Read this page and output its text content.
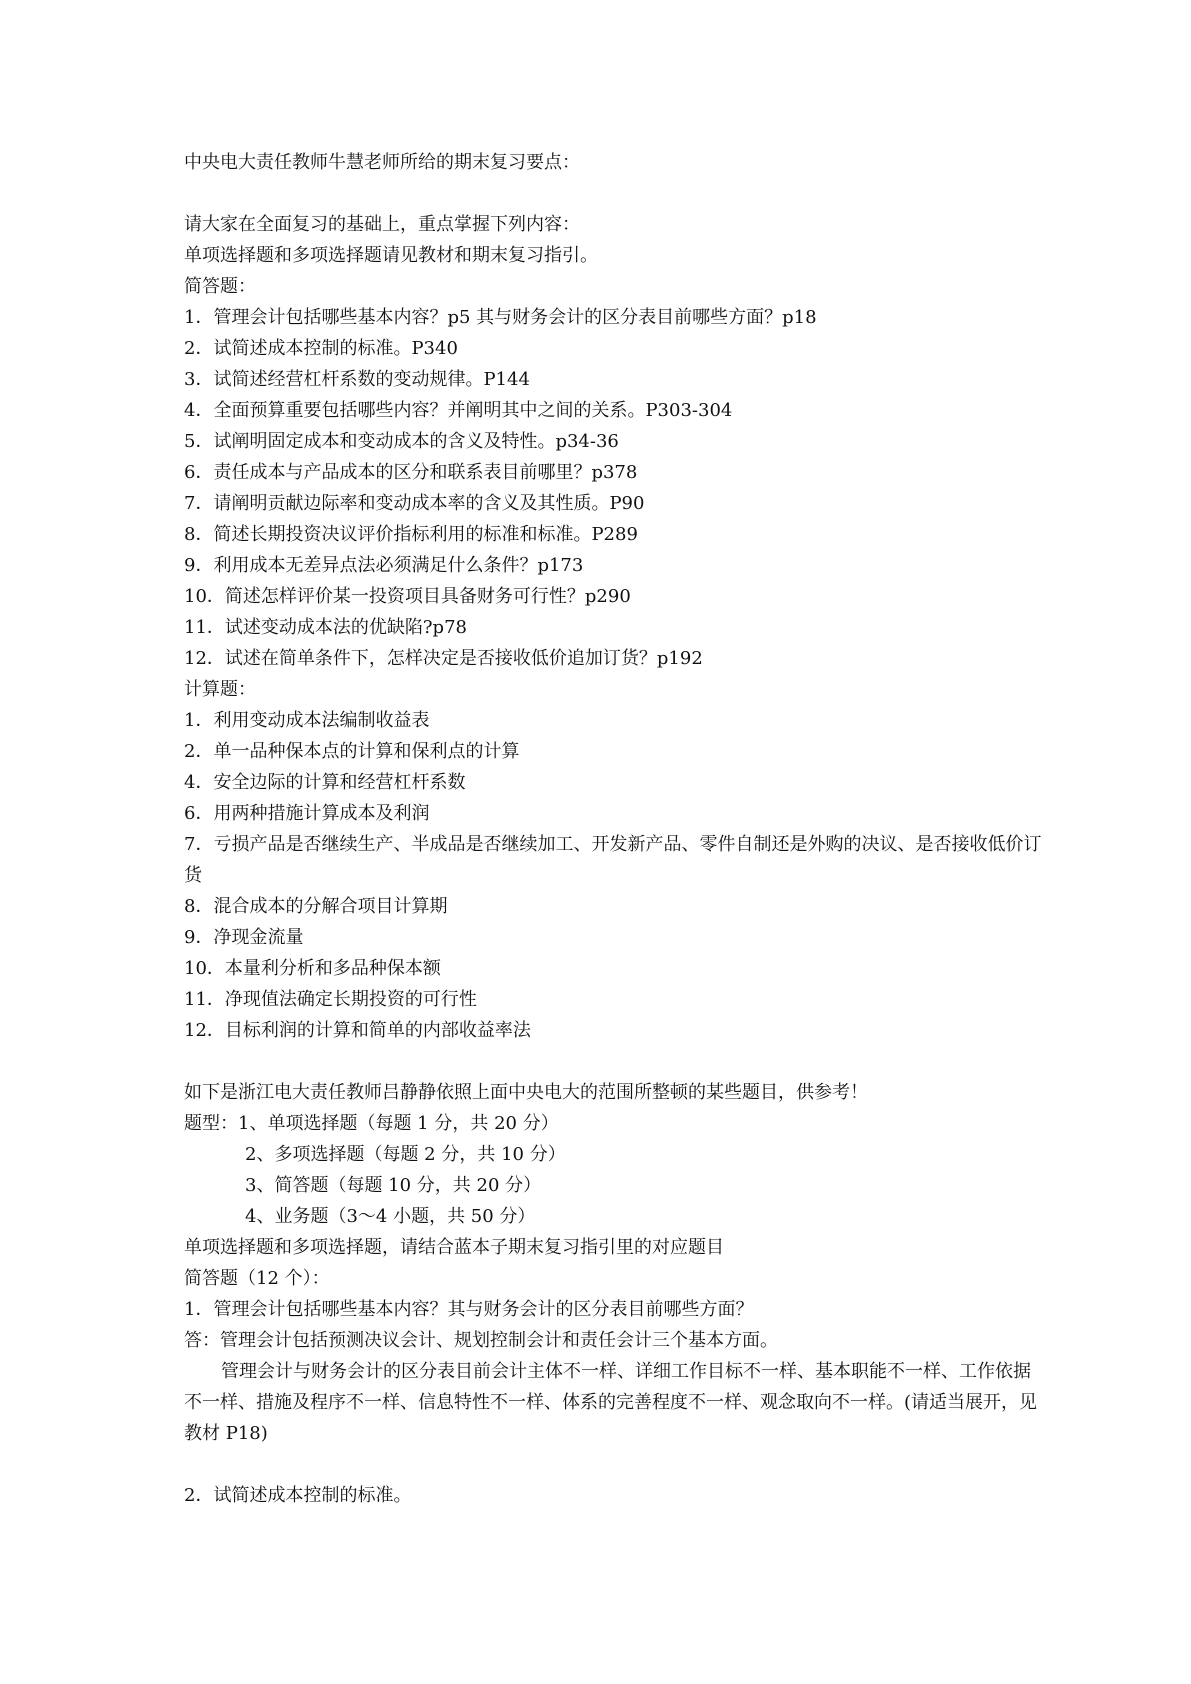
中央电大责任教师牛慧老师所给的期末复习要点：
请大家在全面复习的基础上，重点掌握下列内容：
单项选择题和多项选择题请见教材和期末复习指引。
简答题：
1．管理会计包括哪些基本内容？p5 其与财务会计的区分表目前哪些方面？p18
2．试简述成本控制的标准。P340
3．试简述经营杠杆系数的变动规律。P144
4．全面预算重要包括哪些内容？并阐明其中之间的关系。P303-304
5．试阐明固定成本和变动成本的含义及特性。p34-36
6．责任成本与产品成本的区分和联系表目前哪里？p378
7．请阐明贡献边际率和变动成本率的含义及其性质。P90
8．简述长期投资决议评价指标利用的标准和标准。P289
9．利用成本无差异点法必须满足什么条件？p173
10．简述怎样评价某一投资项目具备财务可行性？p290
11．试述变动成本法的优缺陷?p78
12．试述在简单条件下，怎样决定是否接收低价追加订货？p192
计算题：
1．利用变动成本法编制收益表
2．单一品种保本点的计算和保利点的计算
4．安全边际的计算和经营杠杆系数
6．用两种措施计算成本及利润
7．亏损产品是否继续生产、半成品是否继续加工、开发新产品、零件自制还是外购的决议、是否接收低价订货
8．混合成本的分解合项目计算期
9．净现金流量
10．本量利分析和多品种保本额
11．净现值法确定长期投资的可行性
12．目标利润的计算和简单的内部收益率法
如下是浙江电大责任教师吕静静依照上面中央电大的范围所整顿的某些题目，供参考！
题型：1、单项选择题（每题 1 分，共 20 分）
2、多项选择题（每题 2 分，共 10 分）
3、简答题（每题 10 分，共 20 分）
4、业务题（3～4 小题，共 50 分）
单项选择题和多项选择题，请结合蓝本子期末复习指引里的对应题目
简答题（12 个）：
1．管理会计包括哪些基本内容？其与财务会计的区分表目前哪些方面？
答：管理会计包括预测决议会计、规划控制会计和责任会计三个基本方面。
管理会计与财务会计的区分表目前会计主体不一样、详细工作目标不一样、基本职能不一样、工作依据不一样、措施及程序不一样、信息特性不一样、体系的完善程度不一样、观念取向不一样。(请适当展开，见教材 P18)
2．试简述成本控制的标准。
